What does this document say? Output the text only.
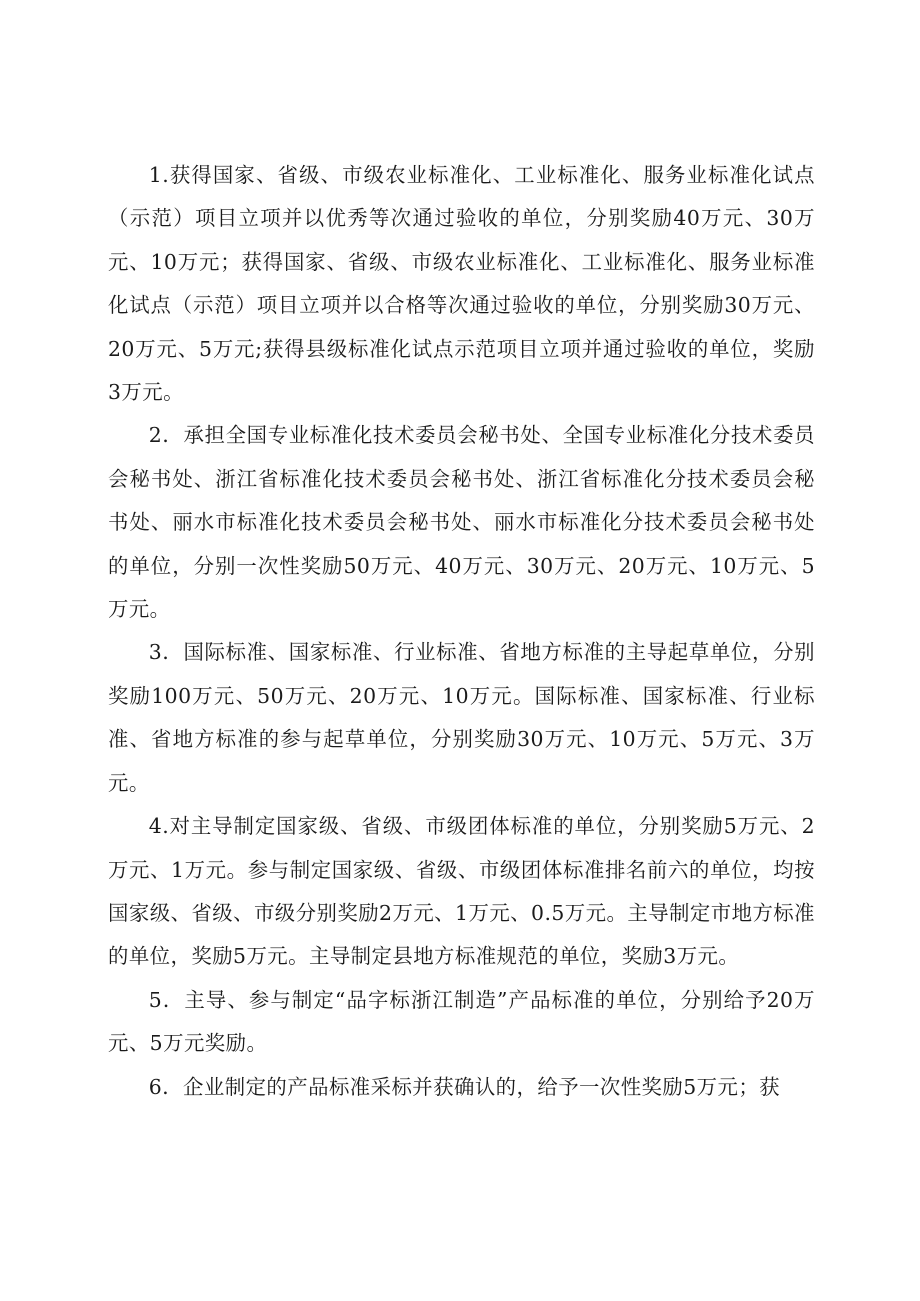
1.获得国家、省级、市级农业标准化、工业标准化、服务业标准化试点（示范）项目立项并以优秀等次通过验收的单位，分别奖励40万元、30万元、10万元；获得国家、省级、市级农业标准化、工业标准化、服务业标准化试点（示范）项目立项并以合格等次通过验收的单位，分别奖励30万元、20万元、5万元;获得县级标准化试点示范项目立项并通过验收的单位，奖励3万元。

2．承担全国专业标准化技术委员会秘书处、全国专业标准化分技术委员会秘书处、浙江省标准化技术委员会秘书处、浙江省标准化分技术委员会秘书处、丽水市标准化技术委员会秘书处、丽水市标准化分技术委员会秘书处的单位，分别一次性奖励50万元、40万元、30万元、20万元、10万元、5万元。

3．国际标准、国家标准、行业标准、省地方标准的主导起草单位，分别奖励100万元、50万元、20万元、10万元。国际标准、国家标准、行业标准、省地方标准的参与起草单位，分别奖励30万元、10万元、5万元、3万元。

4.对主导制定国家级、省级、市级团体标准的单位，分别奖励5万元、2万元、1万元。参与制定国家级、省级、市级团体标准排名前六的单位，均按国家级、省级、市级分别奖励2万元、1万元、0.5万元。主导制定市地方标准的单位，奖励5万元。主导制定县地方标准规范的单位，奖励3万元。

5．主导、参与制定“品字标浙江制造”产品标准的单位，分别给予20万元、5万元奖励。

6．企业制定的产品标准采标并获确认的，给予一次性奖励5万元；获
